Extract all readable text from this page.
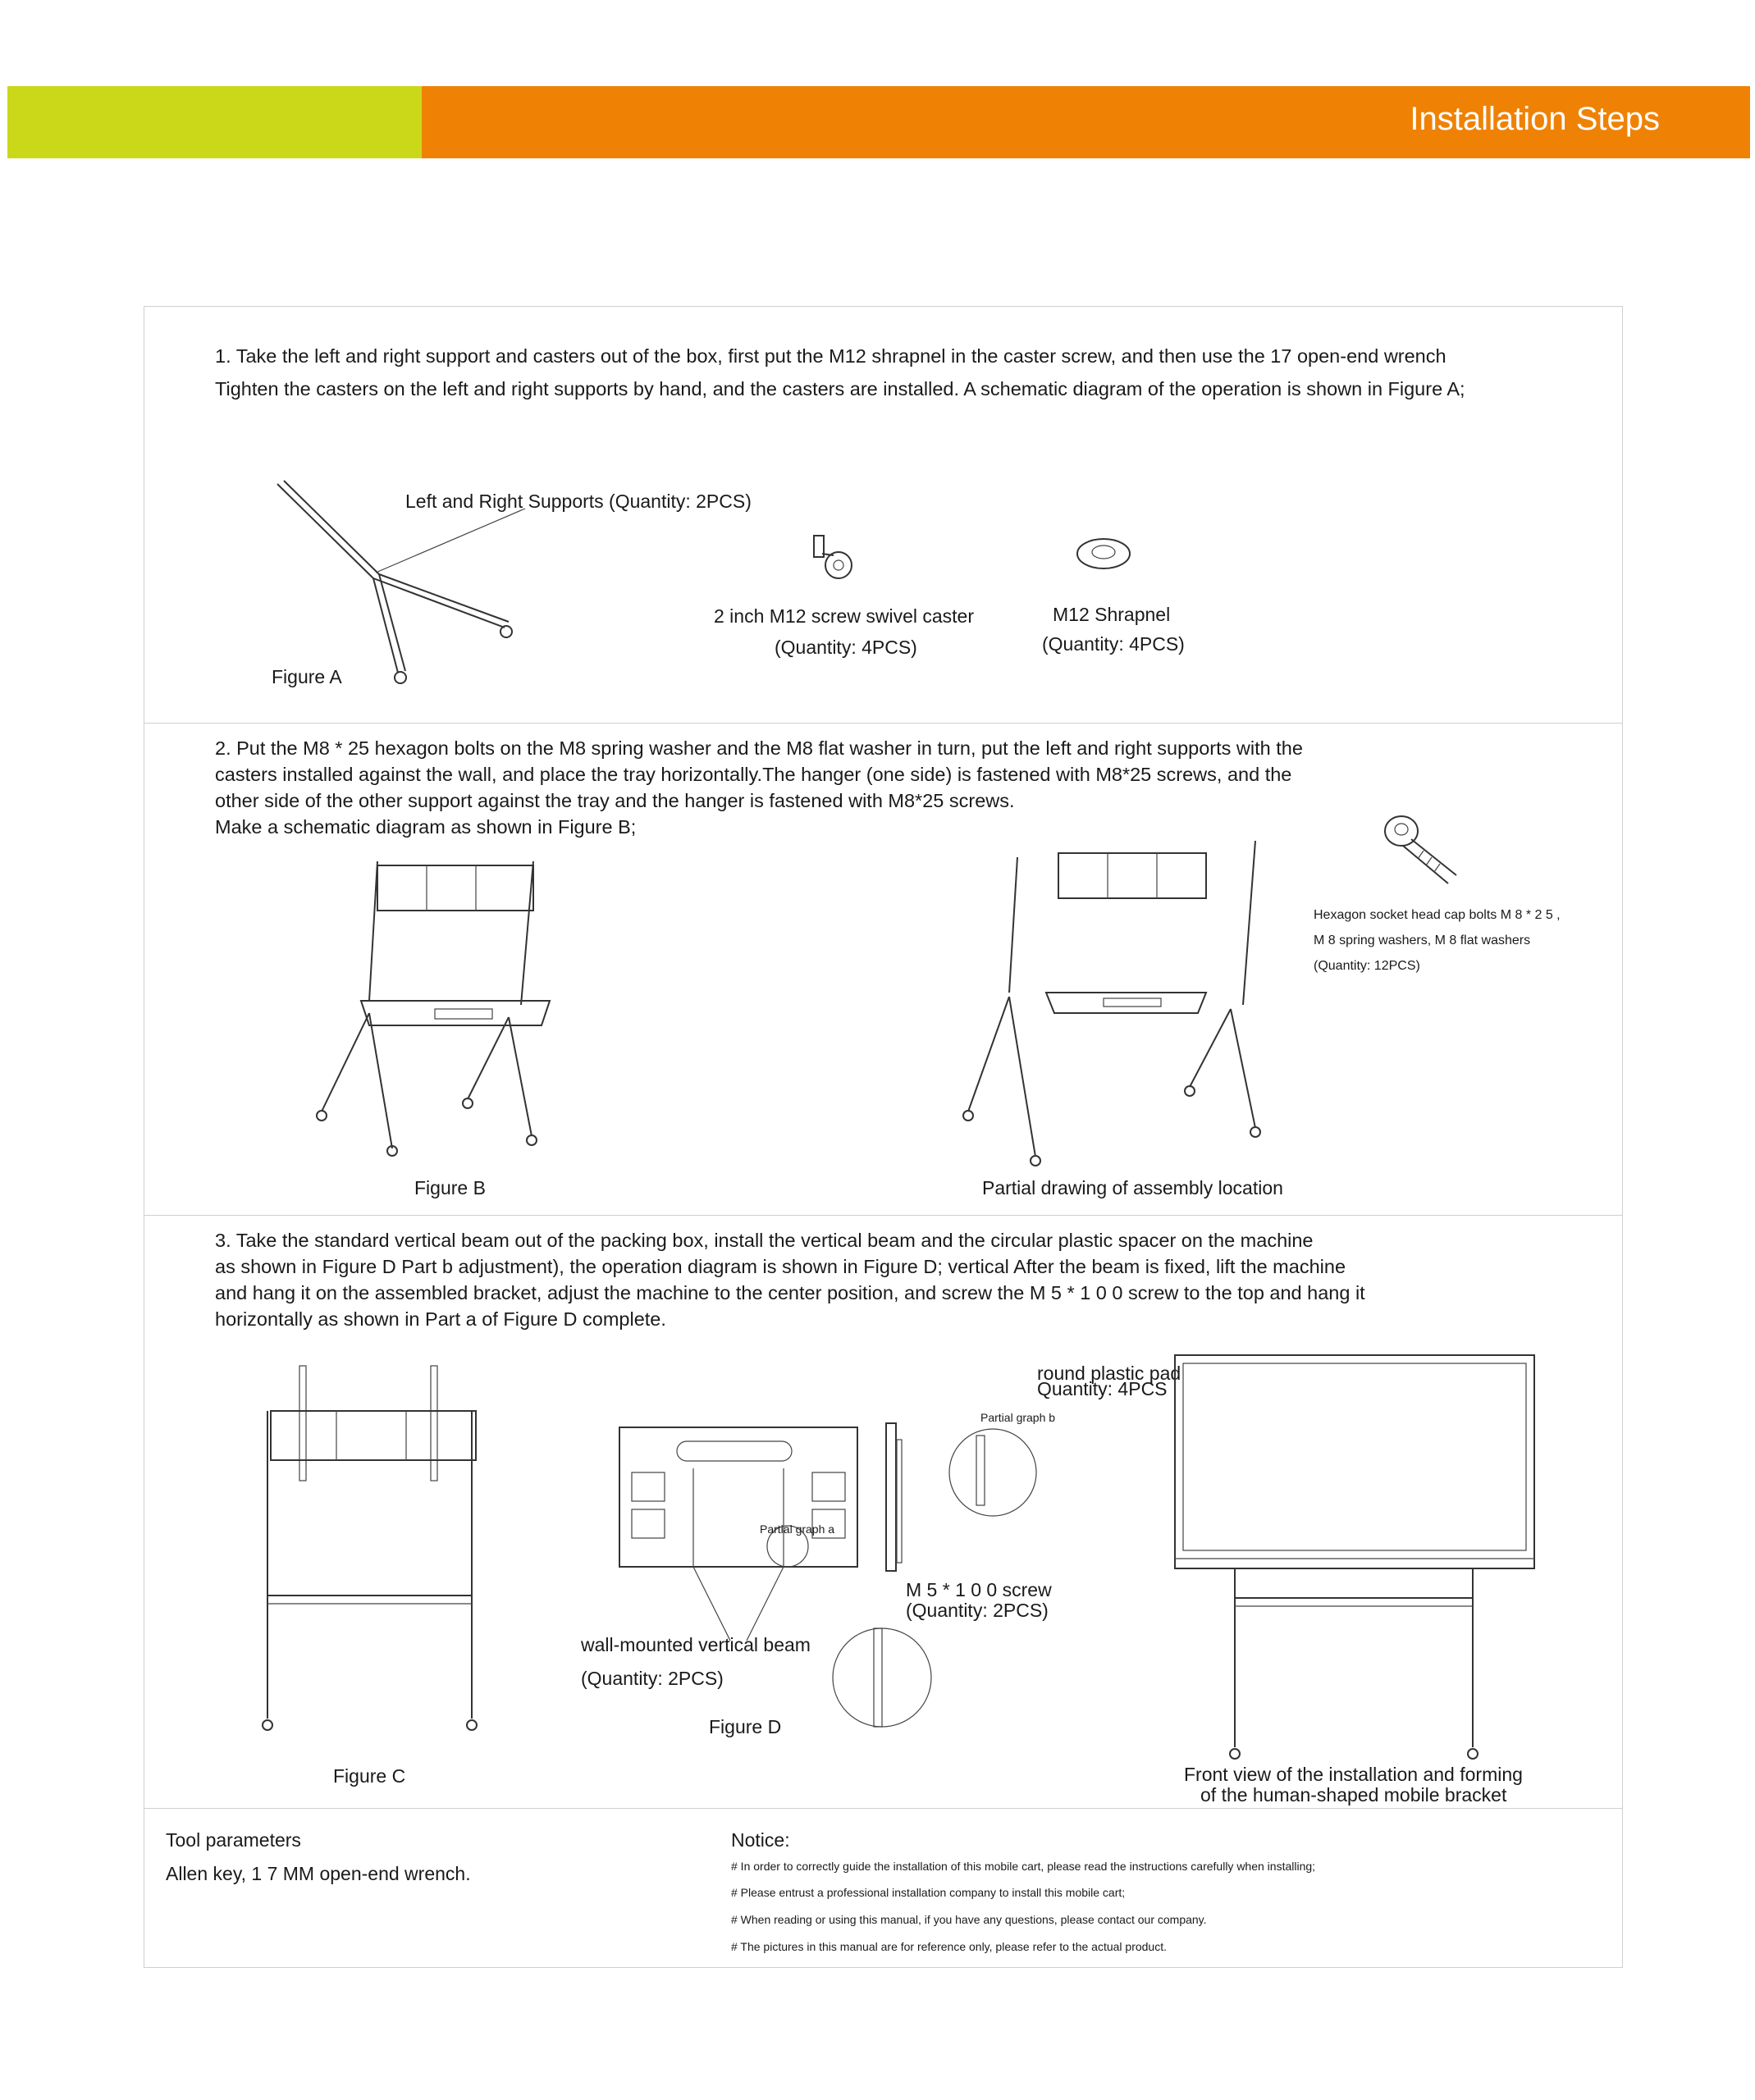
Installation Steps
1. Take the left and right support and casters out of the box, first put the M12 shrapnel in the caster screw, and then use the 17 open-end wrench
Tighten the casters on the left and right supports by hand, and the casters are installed. A schematic diagram of the operation is shown in Figure A;
Left and Right Supports (Quantity: 2PCS)
2 inch M12 screw swivel caster
(Quantity: 4PCS)
M12 Shrapnel
(Quantity: 4PCS)
Figure A
2. Put the M8 * 25 hexagon bolts on the M8 spring washer and the M8 flat washer in turn, put the left and right supports with the
casters installed against the wall, and place the tray horizontally.The hanger (one side) is fastened with M8*25 screws, and the
other side of the other support against the tray and the hanger is fastened with M8*25 screws.
Make a schematic diagram as shown in Figure B;
Hexagon socket head cap bolts M 8 * 2 5 ,
M 8 spring washers, M 8 flat washers
(Quantity: 12PCS)
Figure B	Partial drawing of assembly location
3. Take the standard vertical beam out of the packing box, install the vertical beam and the circular plastic spacer on the machine
as shown in Figure D Part b adjustment), the operation diagram is shown in Figure D; vertical After the beam is fixed, lift the machine
and hang it on the assembled bracket, adjust the machine to the center position, and screw the M 5 * 1 0 0 screw to the top and hang it
horizontally as shown in Part a of Figure D complete.
Figure C
Partial graph b
Partial graph a
round plastic pad
Quantity: 4PCS
M 5 * 1 0 0 screw
(Quantity: 2PCS)
wall-mounted vertical beam
(Quantity: 2PCS)
Figure D
Front view of the installation and forming
of the human-shaped mobile bracket
Tool parameters
Allen key, 1 7 MM open-end wrench.
Notice:
# In order to correctly guide the installation of this mobile cart, please read the instructions carefully when installing;
# Please entrust a professional installation company to install this mobile cart;
# When reading or using this manual, if you have any questions, please contact our company.
# The pictures in this manual are for reference only, please refer to the actual product.
